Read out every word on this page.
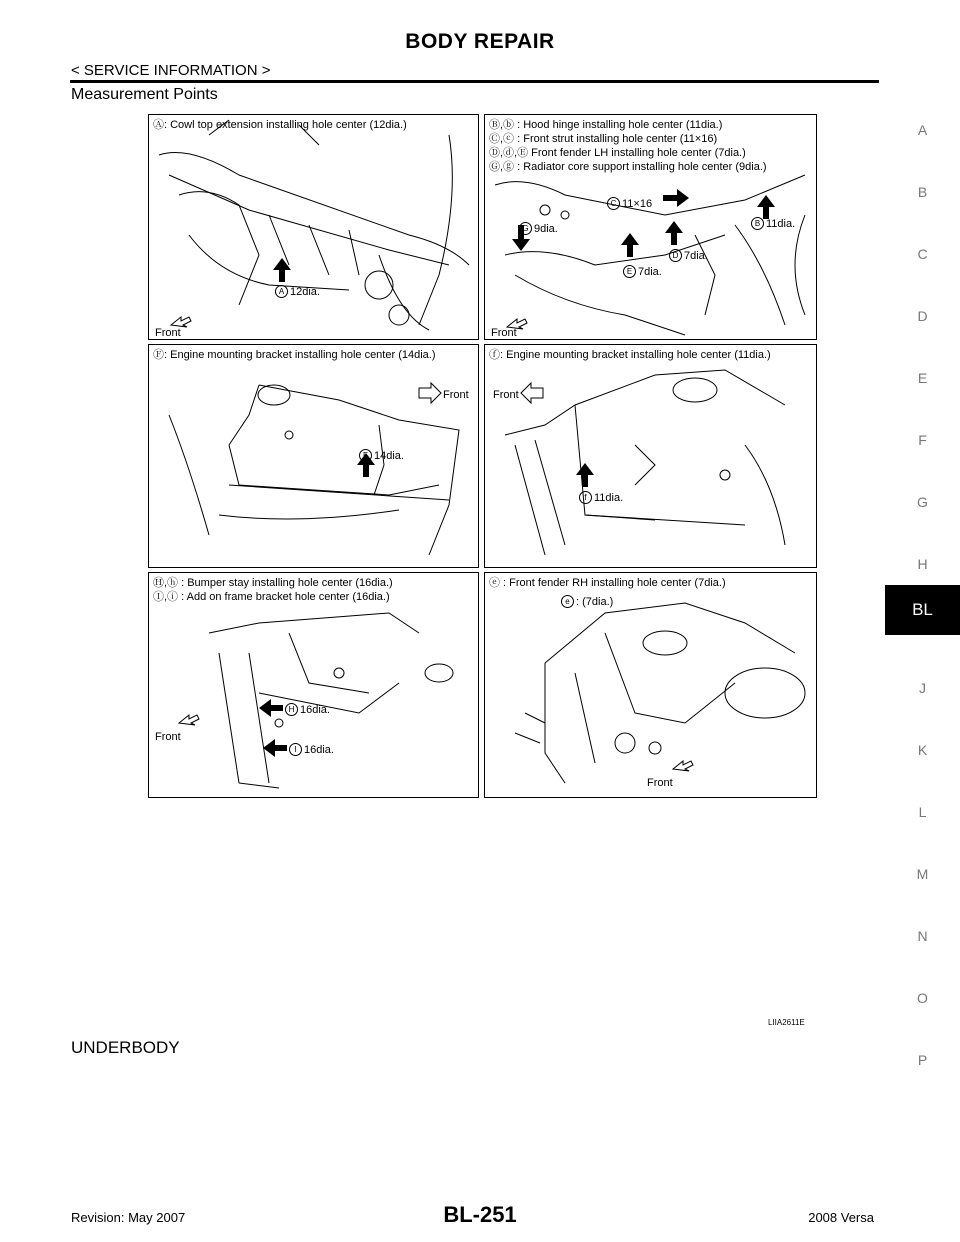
BODY REPAIR
< SERVICE INFORMATION >
Measurement Points
Ⓐ: Cowl top extension installing hole center (12dia.)
A 12dia.
Front
Ⓑ,ⓑ : Hood hinge installing hole center (11dia.)
Ⓒ,ⓒ : Front strut installing hole center (11×16)
Ⓓ,ⓓ,Ⓔ Front fender LH installing hole center (7dia.)
Ⓖ,ⓖ : Radiator core support installing hole center (9dia.)
C 11×16
G 9dia.	B 11dia.
D 7dia.
E 7dia.
Front
Ⓕ: Engine mounting bracket installing hole center (14dia.)
F 14dia.
Front
ⓕ: Engine mounting bracket installing hole center (11dia.)
f 11dia.
Front
Ⓗ,ⓗ : Bumper stay installing hole center (16dia.)
Ⓘ,ⓘ : Add on frame bracket hole center (16dia.)
H 16dia.
I 16dia.
Front
ⓔ : Front fender RH installing hole center (7dia.)
e : (7dia.)
Front
LIIA2611E
UNDERBODY
Revision: May 2007	BL-251	2008 Versa
A
B
C
D
E
F
G
H
BL
J
K
L
M
N
O
P
